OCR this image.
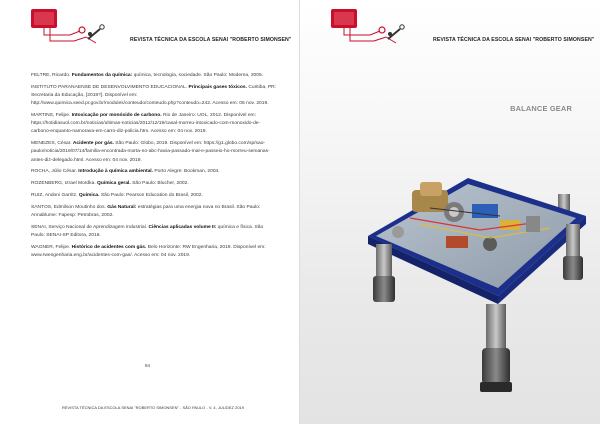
REVISTA TÉCNICA DA ESCOLA SENAI "ROBERTO SIMONSEN"

FELTRE, Ricardo. Fundamentos da química: química, tecnologia, sociedade. São Paulo: Moderna, 2005.

INSTITUTO PARANAENSE DE DESENVOLVIMENTO EDUCACIONAL. Principais gases tóxicos. Curitiba, PR: Secretaria da Educação, [2019?]. Disponível em: http://www.quimica.seed.pr.gov.br/modules/conteudo/conteudo.php?conteudo=242. Acesso em: 05 nov. 2019.

MARTINS, Felipe. Intoxicação por monóxido de carbono. Rio de Janeiro: UOL, 2012. Disponível em: https://hotidiasuol.com.br/noticias/ultimas-noticias/2012/12/19/casal-morreu-intoxicado-com-monoxido-de-carbono-enquanto-namorava-em-carro-diz-policia.htm. Acesso em: 04 nov. 2019.

MENEZES, César. Acidente por gás. São Paulo: Globo, 2019. Disponível em: https://g1.globo.com/sp/sao-paulo/noticia/2019/07/14/familia-encontrada-morta-no-abc-havia-passado-mal-e-passeio-ho-morreu-semanas-antes-diz-delegado.html. Acesso em: 04 nov. 2019.

ROCHA, Júlio César. Introdução à química ambiental. Porto Alegre: Bookman, 2004.

ROZENBERG, Izrael Mordka. Química geral. São Paulo: Blucher, 2002.

RUIZ, Andoni Garritz. Química. São Paulo: Pearson Education do Brasil, 2002.

SANTOS, Edmilson Moutinho dos. Gás Natural: estratégias para uma energia nova no Brasil. São Paulo: Annablume: Fapesp: Petrobras, 2002.

SENAI, Serviço Nacional de Aprendizagem Industrial. Ciências aplicadas volume II: química e física. São Paulo: SENAI-SP Editora, 2016.

WAGNER, Felipe. Histórico de acidentes com gás. Belo Horizonte: RW Engenharia, 2019. Disponível em: www.rwengenharia.eng.br/acidentes-com-gas/. Acesso em: 04 nov. 2019.

84
REVISTA TÉCNICA DA ESCOLA SENAI "ROBERTO SIMONSEN" - SÃO PAULO - V. 4, JUL/DEZ 2019
REVISTA TÉCNICA DA ESCOLA SENAI "ROBERTO SIMONSEN"
BALANCE GEAR
